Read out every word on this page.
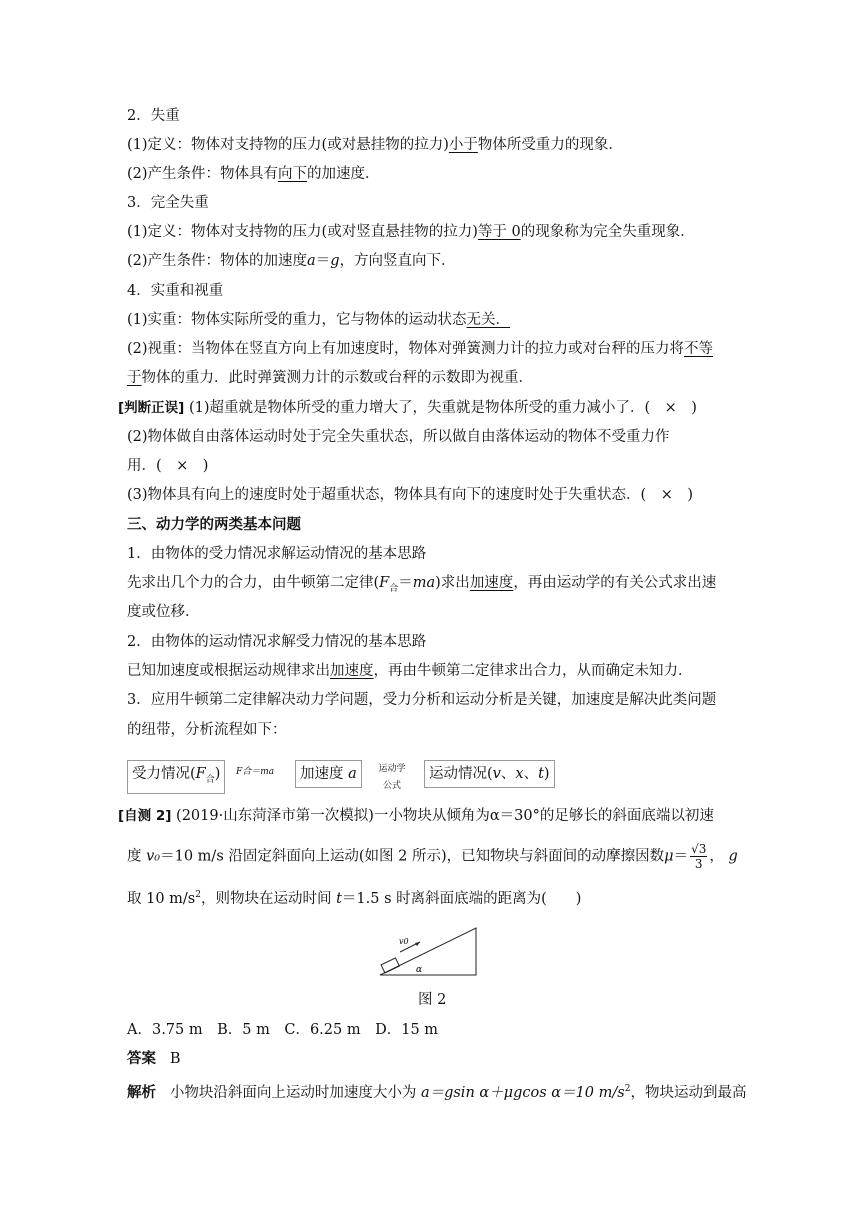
2．失重
(1)定义：物体对支持物的压力(或对悬挂物的拉力)小于物体所受重力的现象．
(2)产生条件：物体具有向下的加速度．
3．完全失重
(1)定义：物体对支持物的压力(或对竖直悬挂物的拉力)等于 0的现象称为完全失重现象．
(2)产生条件：物体的加速度a＝g，方向竖直向下．
4．实重和视重
(1)实重：物体实际所受的重力，它与物体的运动状态无关．
(2)视重：当物体在竖直方向上有加速度时，物体对弹簧测力计的拉力或对台秤的压力将不等
于物体的重力．此时弹簧测力计的示数或台秤的示数即为视重．
[判断正误] (1)超重就是物体所受的重力增大了，失重就是物体所受的重力减小了．(　×　)
(2)物体做自由落体运动时处于完全失重状态，所以做自由落体运动的物体不受重力作
用．(　×　)
(3)物体具有向上的速度时处于超重状态，物体具有向下的速度时处于失重状态．(　×　)
三、动力学的两类基本问题
1．由物体的受力情况求解运动情况的基本思路
先求出几个力的合力，由牛顿第二定律$(F_合=ma)$求出加速度，再由运动学的有关公式求出速
度或位移．
2．由物体的运动情况求解受力情况的基本思路
已知加速度或根据运动规律求出加速度，再由牛顿第二定律求出合力，从而确定未知力．
3．应用牛顿第二定律解决动力学问题，受力分析和运动分析是关键，加速度是解决此类问题
的纽带，分析流程如下：
受力情况$(F_合)$	F合＝ma	加速度 a	运动学
公式
运动情况(v、x、t)
[自测 2] (2019·山东菏泽市第一次模拟)一小物块从倾角为α＝30°的足够长的斜面底端以初速
度 v₀＝10 m/s 沿固定斜面向上运动(如图 2 所示)，已知物块与斜面间的动摩擦因数$\mu= \frac{√3}{3}$ ， g
取 10 $m/s^2$，则物块在运动时间 t＝1.5 s 时离斜面底端的距离为(　　)
v0
α
图 2
A．3.75 m　B．5 m　C．6.25 m　D．15 m
答案 B
解析 小物块沿斜面向上运动时加速度大小为 a＝gsin α＋μgcos α＝10 $m/s^2$，物块运动到最高
